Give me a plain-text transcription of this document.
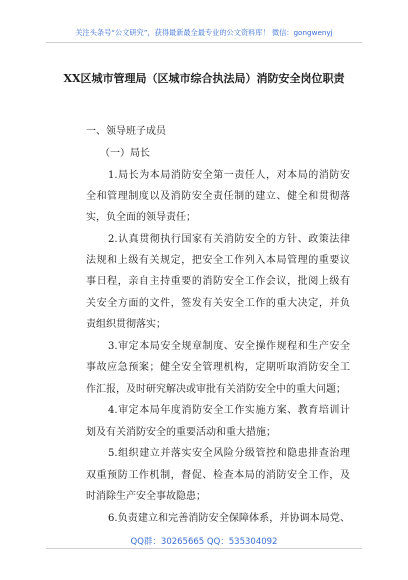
关注头条号“公文研究”，获得最新最全最专业的公文资料库！ 微信：gongwenyj
XX区城市管理局（区城市综合执法局）消防安全岗位职责
一、领导班子成员
（一）局长
1.局长为本局消防安全第一责任人，对本局的消防安
全和管理制度以及消防安全责任制的建立、健全和贯彻落
实，负全面的领导责任；
2.认真贯彻执行国家有关消防安全的方针、政策法律
法规和上级有关规定，把安全工作列入本局管理的重要议
事日程，亲自主持重要的消防安全工作会议，批阅上级有
关安全方面的文件，签发有关安全工作的重大决定，并负
责组织贯彻落实；
3.审定本局安全规章制度、安全操作规程和生产安全
事故应急预案；健全安全管理机构，定期听取消防安全工
作汇报，及时研究解决或审批有关消防安全中的重大问题；
4.审定本局年度消防安全工作实施方案、教育培训计
划及有关消防安全的重要活动和重大措施；
5.组织建立并落实安全风险分级管控和隐患排查治理
双重预防工作机制，督促、检查本局的消防安全工作，及
时消除生产安全事故隐患；
6.负责建立和完善消防安全保障体系，并协调本局党、
QQ群：30265665 QQ：535304092
